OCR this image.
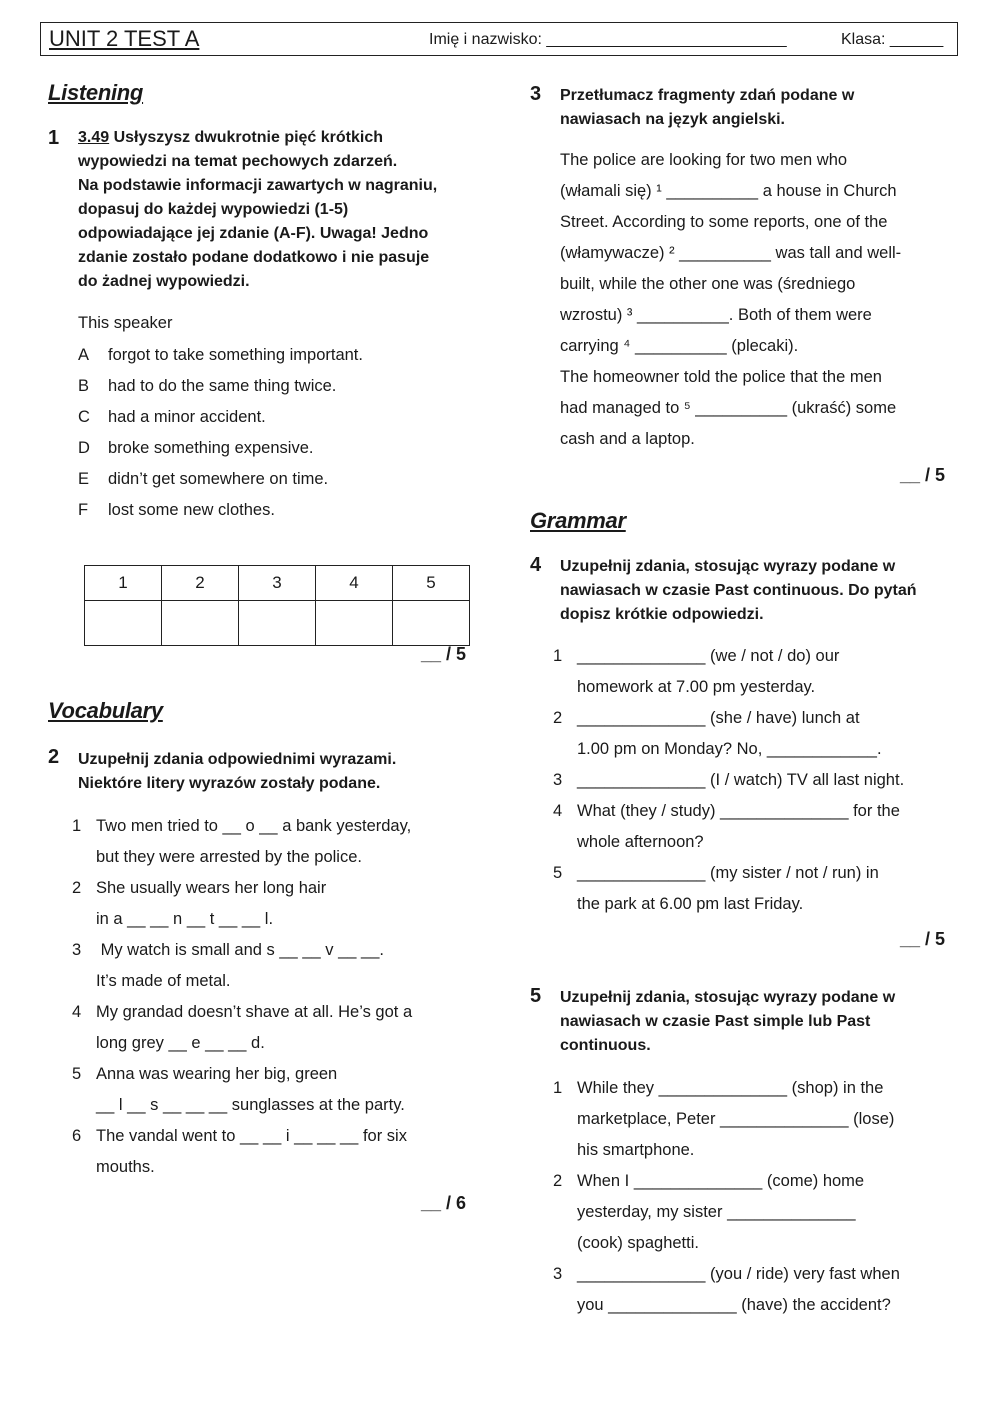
UNIT 2 TEST A	Imię i nazwisko: ___________________________	Klasa: ______
Listening
1 3.49 Usłyszysz dwukrotnie pięć krótkich
wypowiedzi na temat pechowych zdarzeń.
Na podstawie informacji zawartych w nagraniu,
dopasuj do każdej wypowiedzi (1-5)
odpowiadające jej zdanie (A-F). Uwaga! Jedno
zdanie zostało podane dodatkowo i nie pasuje
do żadnej wypowiedzi.
This speaker
A forgot to take something important.
B had to do the same thing twice.
C had a minor accident.
D broke something expensive.
E didn’t get somewhere on time.
F lost some new clothes.
1	2	3	4	5

__ / 5
Vocabulary
2 Uzupełnij zdania odpowiednimi wyrazami.
Niektóre litery wyrazów zostały podane.
1 Two men tried to __ o __ a bank yesterday,
but they were arrested by the police.
2 She usually wears her long hair
in a __ __ n __ t __ __ l.
3 My watch is small and s __ __ v __ __.
It’s made of metal.
4 My grandad doesn’t shave at all. He’s got a
long grey __ e __ __ d.
5 Anna was wearing her big, green
__ l __ s __ __ __ sunglasses at the party.
6 The vandal went to __ __ i __ __ __ for six
mouths.
__ / 6
3 Przetłumacz fragmenty zdań podane w
nawiasach na język angielski.
The police are looking for two men who
(włamali się) ¹ __________ a house in Church
Street. According to some reports, one of the
(włamywacze) ² __________ was tall and well-
built, while the other one was (średniego
wzrostu) ³ __________. Both of them were
carrying ⁴ __________ (plecaki).
The homeowner told the police that the men
had managed to ⁵ __________ (ukraść) some
cash and a laptop.
__ / 5
Grammar
4 Uzupełnij zdania, stosując wyrazy podane w
nawiasach w czasie Past continuous. Do pytań
dopisz krótkie odpowiedzi.
1 ______________ (we / not / do) our
homework at 7.00 pm yesterday.
2 ______________ (she / have) lunch at
1.00 pm on Monday? No, ____________.
3 ______________ (I / watch) TV all last night.
4 What (they / study) ______________ for the
whole afternoon?
5 ______________ (my sister / not / run) in
the park at 6.00 pm last Friday.
__ / 5
5 Uzupełnij zdania, stosując wyrazy podane w
nawiasach w czasie Past simple lub Past
continuous.
1 While they ______________ (shop) in the
marketplace, Peter ______________ (lose)
his smartphone.
2 When I ______________ (come) home
yesterday, my sister ______________
(cook) spaghetti.
3 ______________ (you / ride) very fast when
you ______________ (have) the accident?
